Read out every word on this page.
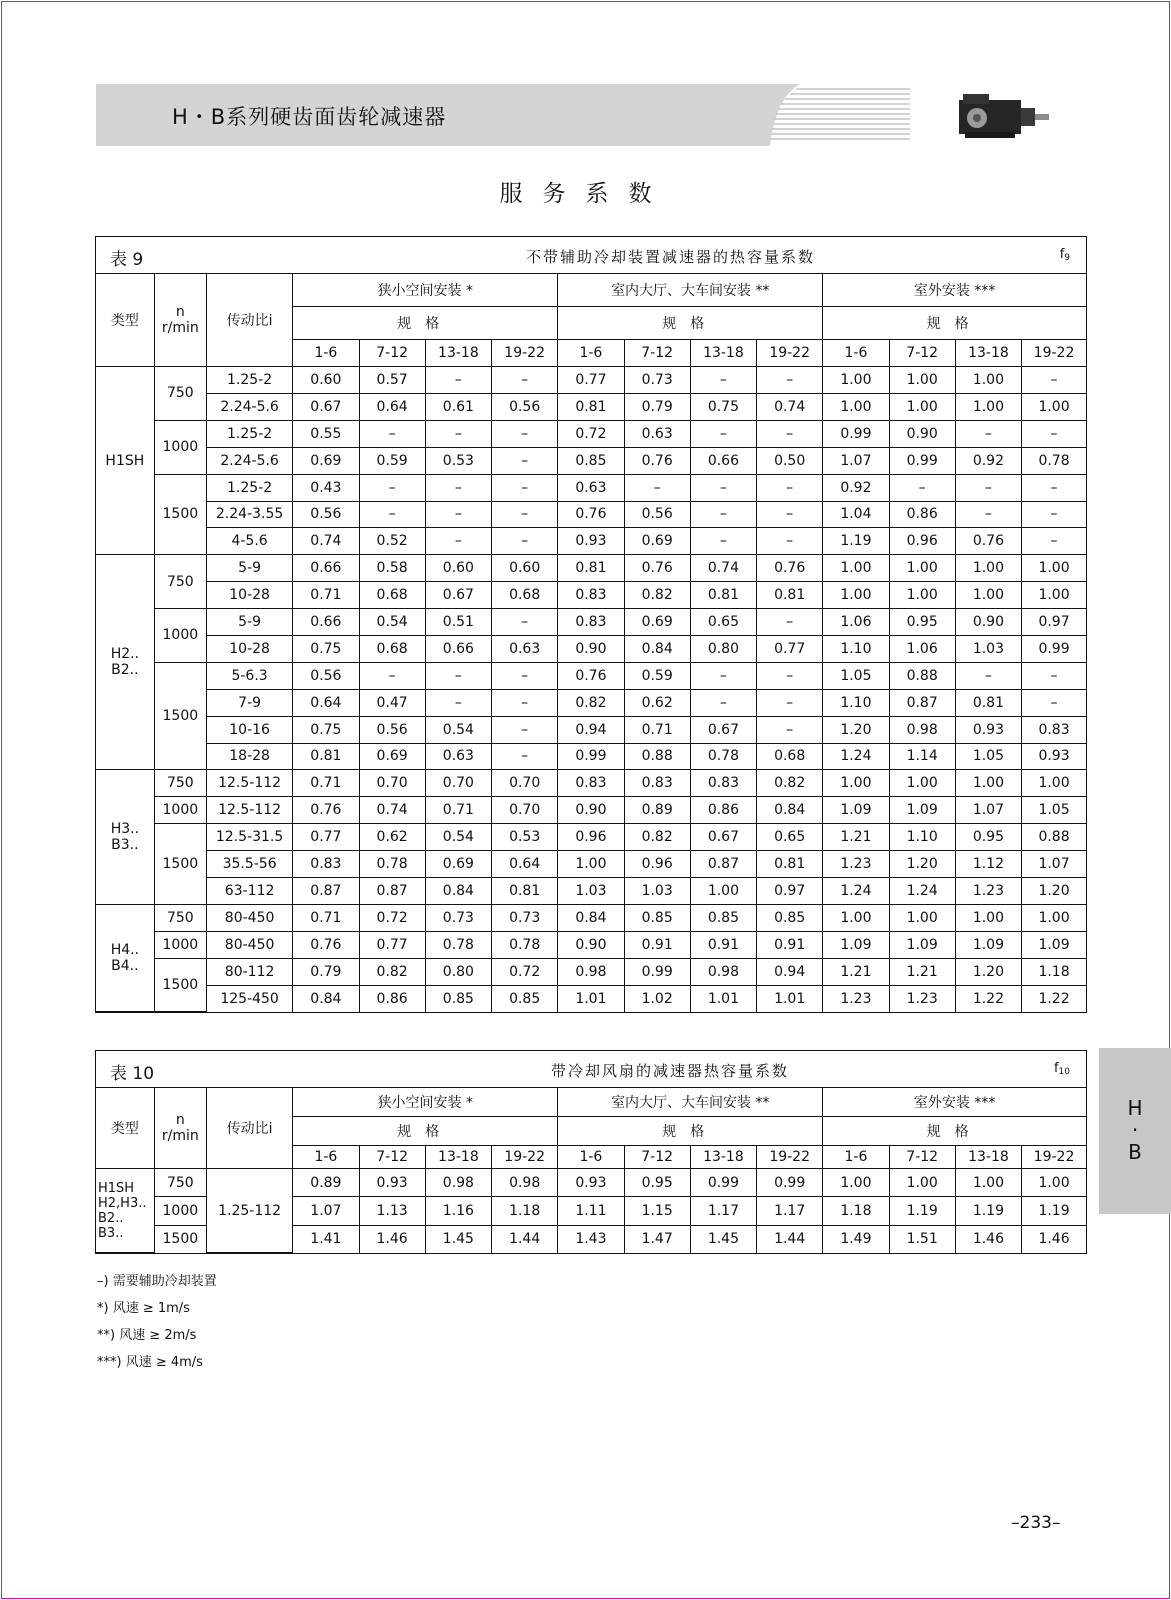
H・B系列硬齿面齿轮减速器
服务系数
表 9	不带辅助冷却装置减速器的热容量系数	$f_9$
类型	n
r/min	传动比i	狭小空间安装 *				室内大厅、大车间安装 **				室外安装 ***			
			规格				规格				规格			
			1-6	7-12	13-18	19-22	1-6	7-12	13-18	19-22	1-6	7-12	13-18	19-22

H1SH	750	1.25-2	0.60	0.57	–	–	0.77	0.73	–	–	1.00	1.00	1.00	–
		2.24-5.6	0.67	0.64	0.61	0.56	0.81	0.79	0.75	0.74	1.00	1.00	1.00	1.00
	1000	1.25-2	0.55	–	–	–	0.72	0.63	–	–	0.99	0.90	–	–
		2.24-5.6	0.69	0.59	0.53	–	0.85	0.76	0.66	0.50	1.07	0.99	0.92	0.78
	1500	1.25-2	0.43	–	–	–	0.63	–	–	–	0.92	–	–	–
		2.24-3.55	0.56	–	–	–	0.76	0.56	–	–	1.04	0.86	–	–
		4-5.6	0.74	0.52	–	–	0.93	0.69	–	–	1.19	0.96	0.76	–

H2..
B2..	750	5-9	0.66	0.58	0.60	0.60	0.81	0.76	0.74	0.76	1.00	1.00	1.00	1.00
		10-28	0.71	0.68	0.67	0.68	0.83	0.82	0.81	0.81	1.00	1.00	1.00	1.00
	1000	5-9	0.66	0.54	0.51	–	0.83	0.69	0.65	–	1.06	0.95	0.90	0.97
		10-28	0.75	0.68	0.66	0.63	0.90	0.84	0.80	0.77	1.10	1.06	1.03	0.99
	1500	5-6.3	0.56	–	–	–	0.76	0.59	–	–	1.05	0.88	–	–
		7-9	0.64	0.47	–	–	0.82	0.62	–	–	1.10	0.87	0.81	–
		10-16	0.75	0.56	0.54	–	0.94	0.71	0.67	–	1.20	0.98	0.93	0.83
		18-28	0.81	0.69	0.63	–	0.99	0.88	0.78	0.68	1.24	1.14	1.05	0.93

H3..
B3..	750	12.5-112	0.71	0.70	0.70	0.70	0.83	0.83	0.83	0.82	1.00	1.00	1.00	1.00
	1000	12.5-112	0.76	0.74	0.71	0.70	0.90	0.89	0.86	0.84	1.09	1.09	1.07	1.05
	1500	12.5-31.5	0.77	0.62	0.54	0.53	0.96	0.82	0.67	0.65	1.21	1.10	0.95	0.88
		35.5-56	0.83	0.78	0.69	0.64	1.00	0.96	0.87	0.81	1.23	1.20	1.12	1.07
		63-112	0.87	0.87	0.84	0.81	1.03	1.03	1.00	0.97	1.24	1.24	1.23	1.20

H4..
B4..	750	80-450	0.71	0.72	0.73	0.73	0.84	0.85	0.85	0.85	1.00	1.00	1.00	1.00
	1000	80-450	0.76	0.77	0.78	0.78	0.90	0.91	0.91	0.91	1.09	1.09	1.09	1.09
	1500	80-112	0.79	0.82	0.80	0.72	0.98	0.99	0.98	0.94	1.21	1.21	1.20	1.18
		125-450	0.84	0.86	0.85	0.85	1.01	1.02	1.01	1.01	1.23	1.23	1.22	1.22
表 10	带冷却风扇的减速器热容量系数	$f_{10}$
类型	n
r/min	传动比i	狭小空间安装 *				室内大厅、大车间安装 **				室外安装 ***			
			规格				规格				规格			
			1-6	7-12	13-18	19-22	1-6	7-12	13-18	19-22	1-6	7-12	13-18	19-22

H1SH
H2,H3..
B2..
B3..	750	1.25-112	0.89	0.93	0.98	0.98	0.93	0.95	0.99	0.99	1.00	1.00	1.00	1.00
	1000		1.07	1.13	1.16	1.18	1.11	1.15	1.17	1.17	1.18	1.19	1.19	1.19
	1500		1.41	1.46	1.45	1.44	1.43	1.47	1.45	1.44	1.49	1.51	1.46	1.46
–) 需要辅助冷却装置
*) 风速 ≥ 1m/s
**) 风速 ≥ 2m/s
***) 风速 ≥ 4m/s
H
·
B
–233–
